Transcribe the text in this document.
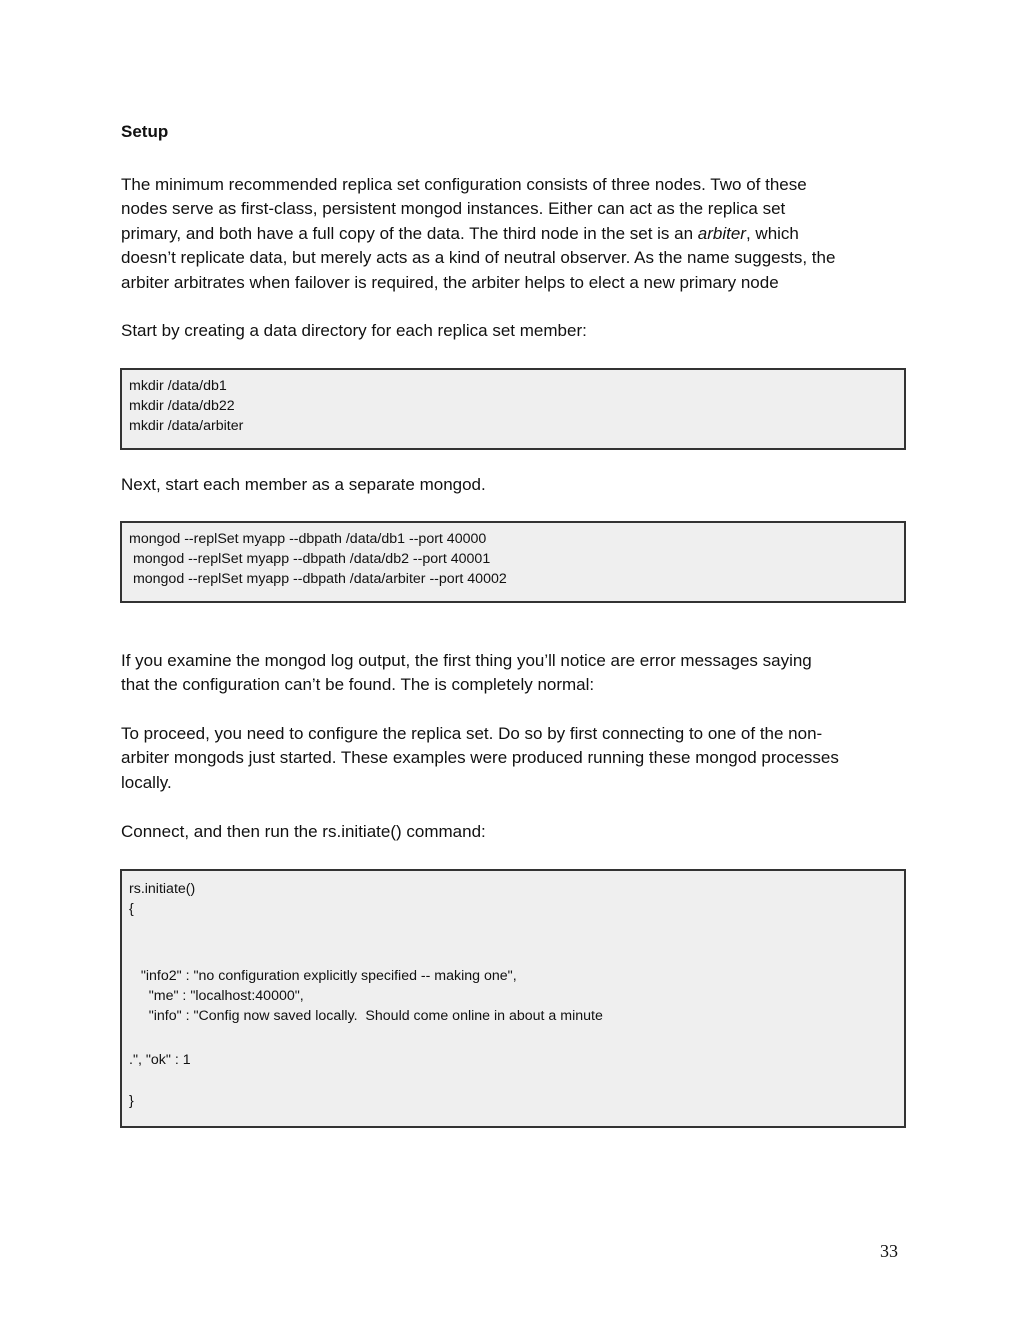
Setup
The minimum recommended replica set configuration consists of three nodes. Two of these
nodes serve as first-class, persistent mongod instances. Either can act as the replica set
primary, and both have a full copy of the data. The third node in the set is an arbiter, which
doesn’t replicate data, but merely acts as a kind of neutral observer. As the name suggests, the
arbiter arbitrates when failover is required, the arbiter helps to elect a new primary node

Start by creating a data directory for each replica set member:

mkdir /data/db1
mkdir /data/db22
mkdir /data/arbiter

Next, start each member as a separate mongod.

mongod --replSet myapp --dbpath /data/db1 --port 40000
mongod --replSet myapp --dbpath /data/db2 --port 40001
mongod --replSet myapp --dbpath /data/arbiter --port 40002
If you examine the mongod log output, the first thing you’ll notice are error messages saying
that the configuration can’t be found. The is completely normal:
To proceed, you need to configure the replica set. Do so by first connecting to one of the non-
arbiter mongods just started. These examples were produced running these mongod processes
locally.

Connect, and then run the rs.initiate() command:

rs.initiate()
{
"info2" : "no configuration explicitly specified -- making one",
"me" : "localhost:40000",
"info" : "Config now saved locally.  Should come online in about a minute
.", "ok" : 1
}
33
